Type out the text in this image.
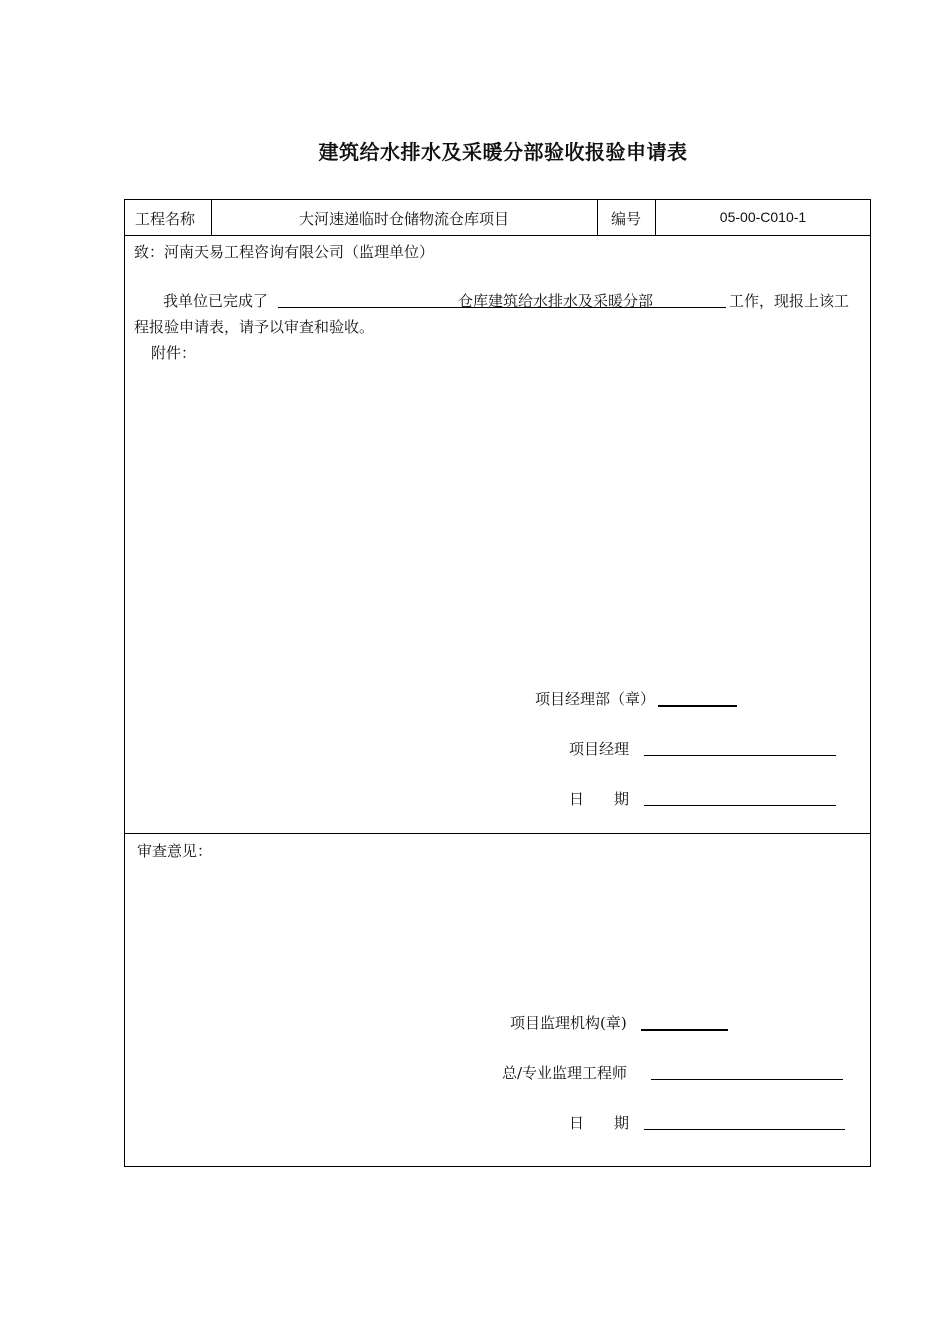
建筑给水排水及采暖分部验收报验申请表
工程名称	大河速递临时仓储物流仓库项目	编号	05-00-C010-1
致：河南天易工程咨询有限公司（监理单位）
我单位已完成了	仓库建筑给水排水及采暖分部	工作，现报上该工
程报验申请表，请予以审查和验收。
附件：
项目经理部（章）
项目经理
日　　期
审查意见：
项目监理机构(章)
总/专业监理工程师
日　　期
